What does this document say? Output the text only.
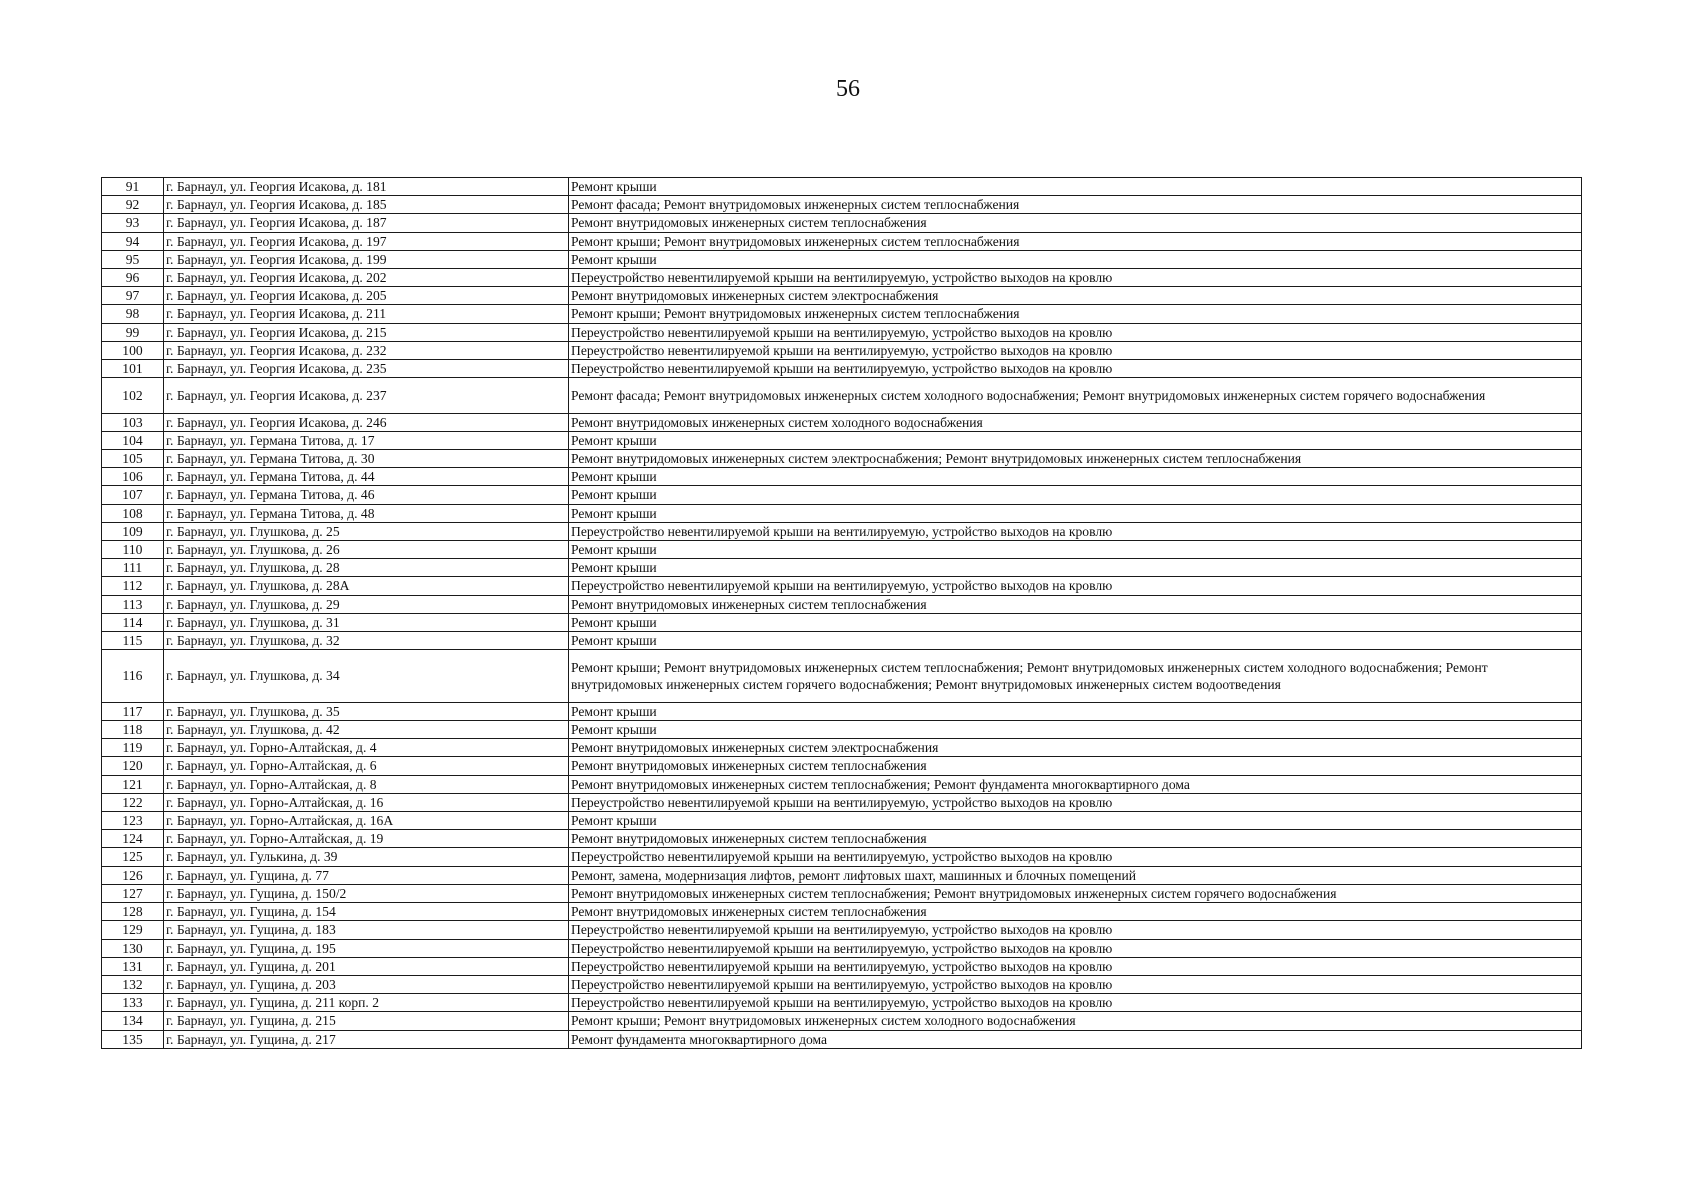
56
91	г. Барнаул, ул. Георгия Исакова, д. 181	Ремонт крыши
92	г. Барнаул, ул. Георгия Исакова, д. 185	Ремонт фасада; Ремонт внутридомовых инженерных систем теплоснабжения
93	г. Барнаул, ул. Георгия Исакова, д. 187	Ремонт внутридомовых инженерных систем теплоснабжения
94	г. Барнаул, ул. Георгия Исакова, д. 197	Ремонт крыши; Ремонт внутридомовых инженерных систем теплоснабжения
95	г. Барнаул, ул. Георгия Исакова, д. 199	Ремонт крыши
96	г. Барнаул, ул. Георгия Исакова, д. 202	Переустройство невентилируемой крыши на вентилируемую, устройство выходов на кровлю
97	г. Барнаул, ул. Георгия Исакова, д. 205	Ремонт внутридомовых инженерных систем электроснабжения
98	г. Барнаул, ул. Георгия Исакова, д. 211	Ремонт крыши; Ремонт внутридомовых инженерных систем теплоснабжения
99	г. Барнаул, ул. Георгия Исакова, д. 215	Переустройство невентилируемой крыши на вентилируемую, устройство выходов на кровлю
100	г. Барнаул, ул. Георгия Исакова, д. 232	Переустройство невентилируемой крыши на вентилируемую, устройство выходов на кровлю
101	г. Барнаул, ул. Георгия Исакова, д. 235	Переустройство невентилируемой крыши на вентилируемую, устройство выходов на кровлю
102	г. Барнаул, ул. Георгия Исакова, д. 237	Ремонт фасада; Ремонт внутридомовых инженерных систем холодного водоснабжения; Ремонт внутридомовых инженерных систем горячего водоснабжения
103	г. Барнаул, ул. Георгия Исакова, д. 246	Ремонт внутридомовых инженерных систем холодного водоснабжения
104	г. Барнаул, ул. Германа Титова, д. 17	Ремонт крыши
105	г. Барнаул, ул. Германа Титова, д. 30	Ремонт внутридомовых инженерных систем электроснабжения; Ремонт внутридомовых инженерных систем теплоснабжения
106	г. Барнаул, ул. Германа Титова, д. 44	Ремонт крыши
107	г. Барнаул, ул. Германа Титова, д. 46	Ремонт крыши
108	г. Барнаул, ул. Германа Титова, д. 48	Ремонт крыши
109	г. Барнаул, ул. Глушкова, д. 25	Переустройство невентилируемой крыши на вентилируемую, устройство выходов на кровлю
110	г. Барнаул, ул. Глушкова, д. 26	Ремонт крыши
111	г. Барнаул, ул. Глушкова, д. 28	Ремонт крыши
112	г. Барнаул, ул. Глушкова, д. 28А	Переустройство невентилируемой крыши на вентилируемую, устройство выходов на кровлю
113	г. Барнаул, ул. Глушкова, д. 29	Ремонт внутридомовых инженерных систем теплоснабжения
114	г. Барнаул, ул. Глушкова, д. 31	Ремонт крыши
115	г. Барнаул, ул. Глушкова, д. 32	Ремонт крыши
116	г. Барнаул, ул. Глушкова, д. 34	Ремонт крыши; Ремонт внутридомовых инженерных систем теплоснабжения; Ремонт внутридомовых инженерных систем холодного водоснабжения; Ремонт внутридомовых инженерных систем горячего водоснабжения; Ремонт внутридомовых инженерных систем водоотведения
117	г. Барнаул, ул. Глушкова, д. 35	Ремонт крыши
118	г. Барнаул, ул. Глушкова, д. 42	Ремонт крыши
119	г. Барнаул, ул. Горно-Алтайская, д. 4	Ремонт внутридомовых инженерных систем электроснабжения
120	г. Барнаул, ул. Горно-Алтайская, д. 6	Ремонт внутридомовых инженерных систем теплоснабжения
121	г. Барнаул, ул. Горно-Алтайская, д. 8	Ремонт внутридомовых инженерных систем теплоснабжения; Ремонт фундамента многоквартирного дома
122	г. Барнаул, ул. Горно-Алтайская, д. 16	Переустройство невентилируемой крыши на вентилируемую, устройство выходов на кровлю
123	г. Барнаул, ул. Горно-Алтайская, д. 16А	Ремонт крыши
124	г. Барнаул, ул. Горно-Алтайская, д. 19	Ремонт внутридомовых инженерных систем теплоснабжения
125	г. Барнаул, ул. Гулькина, д. 39	Переустройство невентилируемой крыши на вентилируемую, устройство выходов на кровлю
126	г. Барнаул, ул. Гущина, д. 77	Ремонт, замена, модернизация лифтов, ремонт лифтовых шахт, машинных и блочных помещений
127	г. Барнаул, ул. Гущина, д. 150/2	Ремонт внутридомовых инженерных систем теплоснабжения; Ремонт внутридомовых инженерных систем горячего водоснабжения
128	г. Барнаул, ул. Гущина, д. 154	Ремонт внутридомовых инженерных систем теплоснабжения
129	г. Барнаул, ул. Гущина, д. 183	Переустройство невентилируемой крыши на вентилируемую, устройство выходов на кровлю
130	г. Барнаул, ул. Гущина, д. 195	Переустройство невентилируемой крыши на вентилируемую, устройство выходов на кровлю
131	г. Барнаул, ул. Гущина, д. 201	Переустройство невентилируемой крыши на вентилируемую, устройство выходов на кровлю
132	г. Барнаул, ул. Гущина, д. 203	Переустройство невентилируемой крыши на вентилируемую, устройство выходов на кровлю
133	г. Барнаул, ул. Гущина, д. 211 корп. 2	Переустройство невентилируемой крыши на вентилируемую, устройство выходов на кровлю
134	г. Барнаул, ул. Гущина, д. 215	Ремонт крыши; Ремонт внутридомовых инженерных систем холодного водоснабжения
135	г. Барнаул, ул. Гущина, д. 217	Ремонт фундамента многоквартирного дома
